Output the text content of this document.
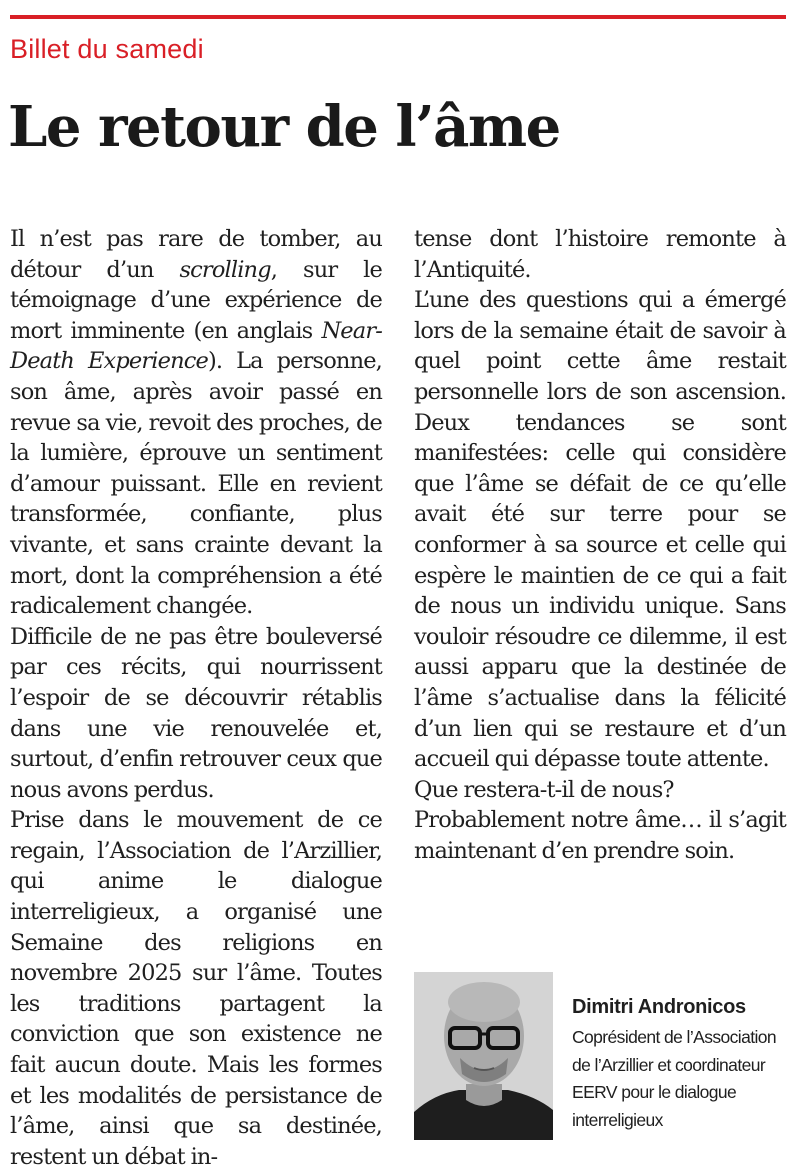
Billet du samedi
Le retour de l’âme

Il n’est pas rare de tomber, au détour d’un scrolling, sur le témoignage d’une expérience de mort imminente (en anglais Near-Death Experience). La personne, son âme, après avoir passé en revue sa vie, revoit des proches, de la lumière, éprouve un sentiment d’amour puissant. Elle en revient transformée, confiante, plus vivante, et sans crainte devant la mort, dont la compréhension a été radicalement changée.

Difficile de ne pas être bouleversé par ces récits, qui nourrissent l’espoir de se découvrir rétablis dans une vie renouvelée et, surtout, d’enfin retrouver ceux que nous avons perdus.

Prise dans le mouvement de ce regain, l’Association de l’Arzillier, qui anime le dialogue interreligieux, a organisé une Semaine des religions en novembre 2025 sur l’âme. Toutes les traditions partagent la conviction que son existence ne fait aucun doute. Mais les formes et les modalités de persistance de l’âme, ainsi que sa destinée, restent un débat in-

tense dont l’histoire remonte à l’Antiquité.

L’une des questions qui a émergé lors de la semaine était de savoir à quel point cette âme restait personnelle lors de son ascension. Deux tendances se sont manifestées: celle qui considère que l’âme se défait de ce qu’elle avait été sur terre pour se conformer à sa source et celle qui espère le maintien de ce qui a fait de nous un individu unique. Sans vouloir résoudre ce dilemme, il est aussi apparu que la destinée de l’âme s’actualise dans la félicité d’un lien qui se restaure et d’un accueil qui dépasse toute attente.

Que restera-t-il de nous?

Probablement notre âme… il s’agit maintenant d’en prendre soin.

Dimitri Andronicos

Coprésident de l’Association de l’Arzillier et coordinateur EERV pour le dialogue interreligieux
